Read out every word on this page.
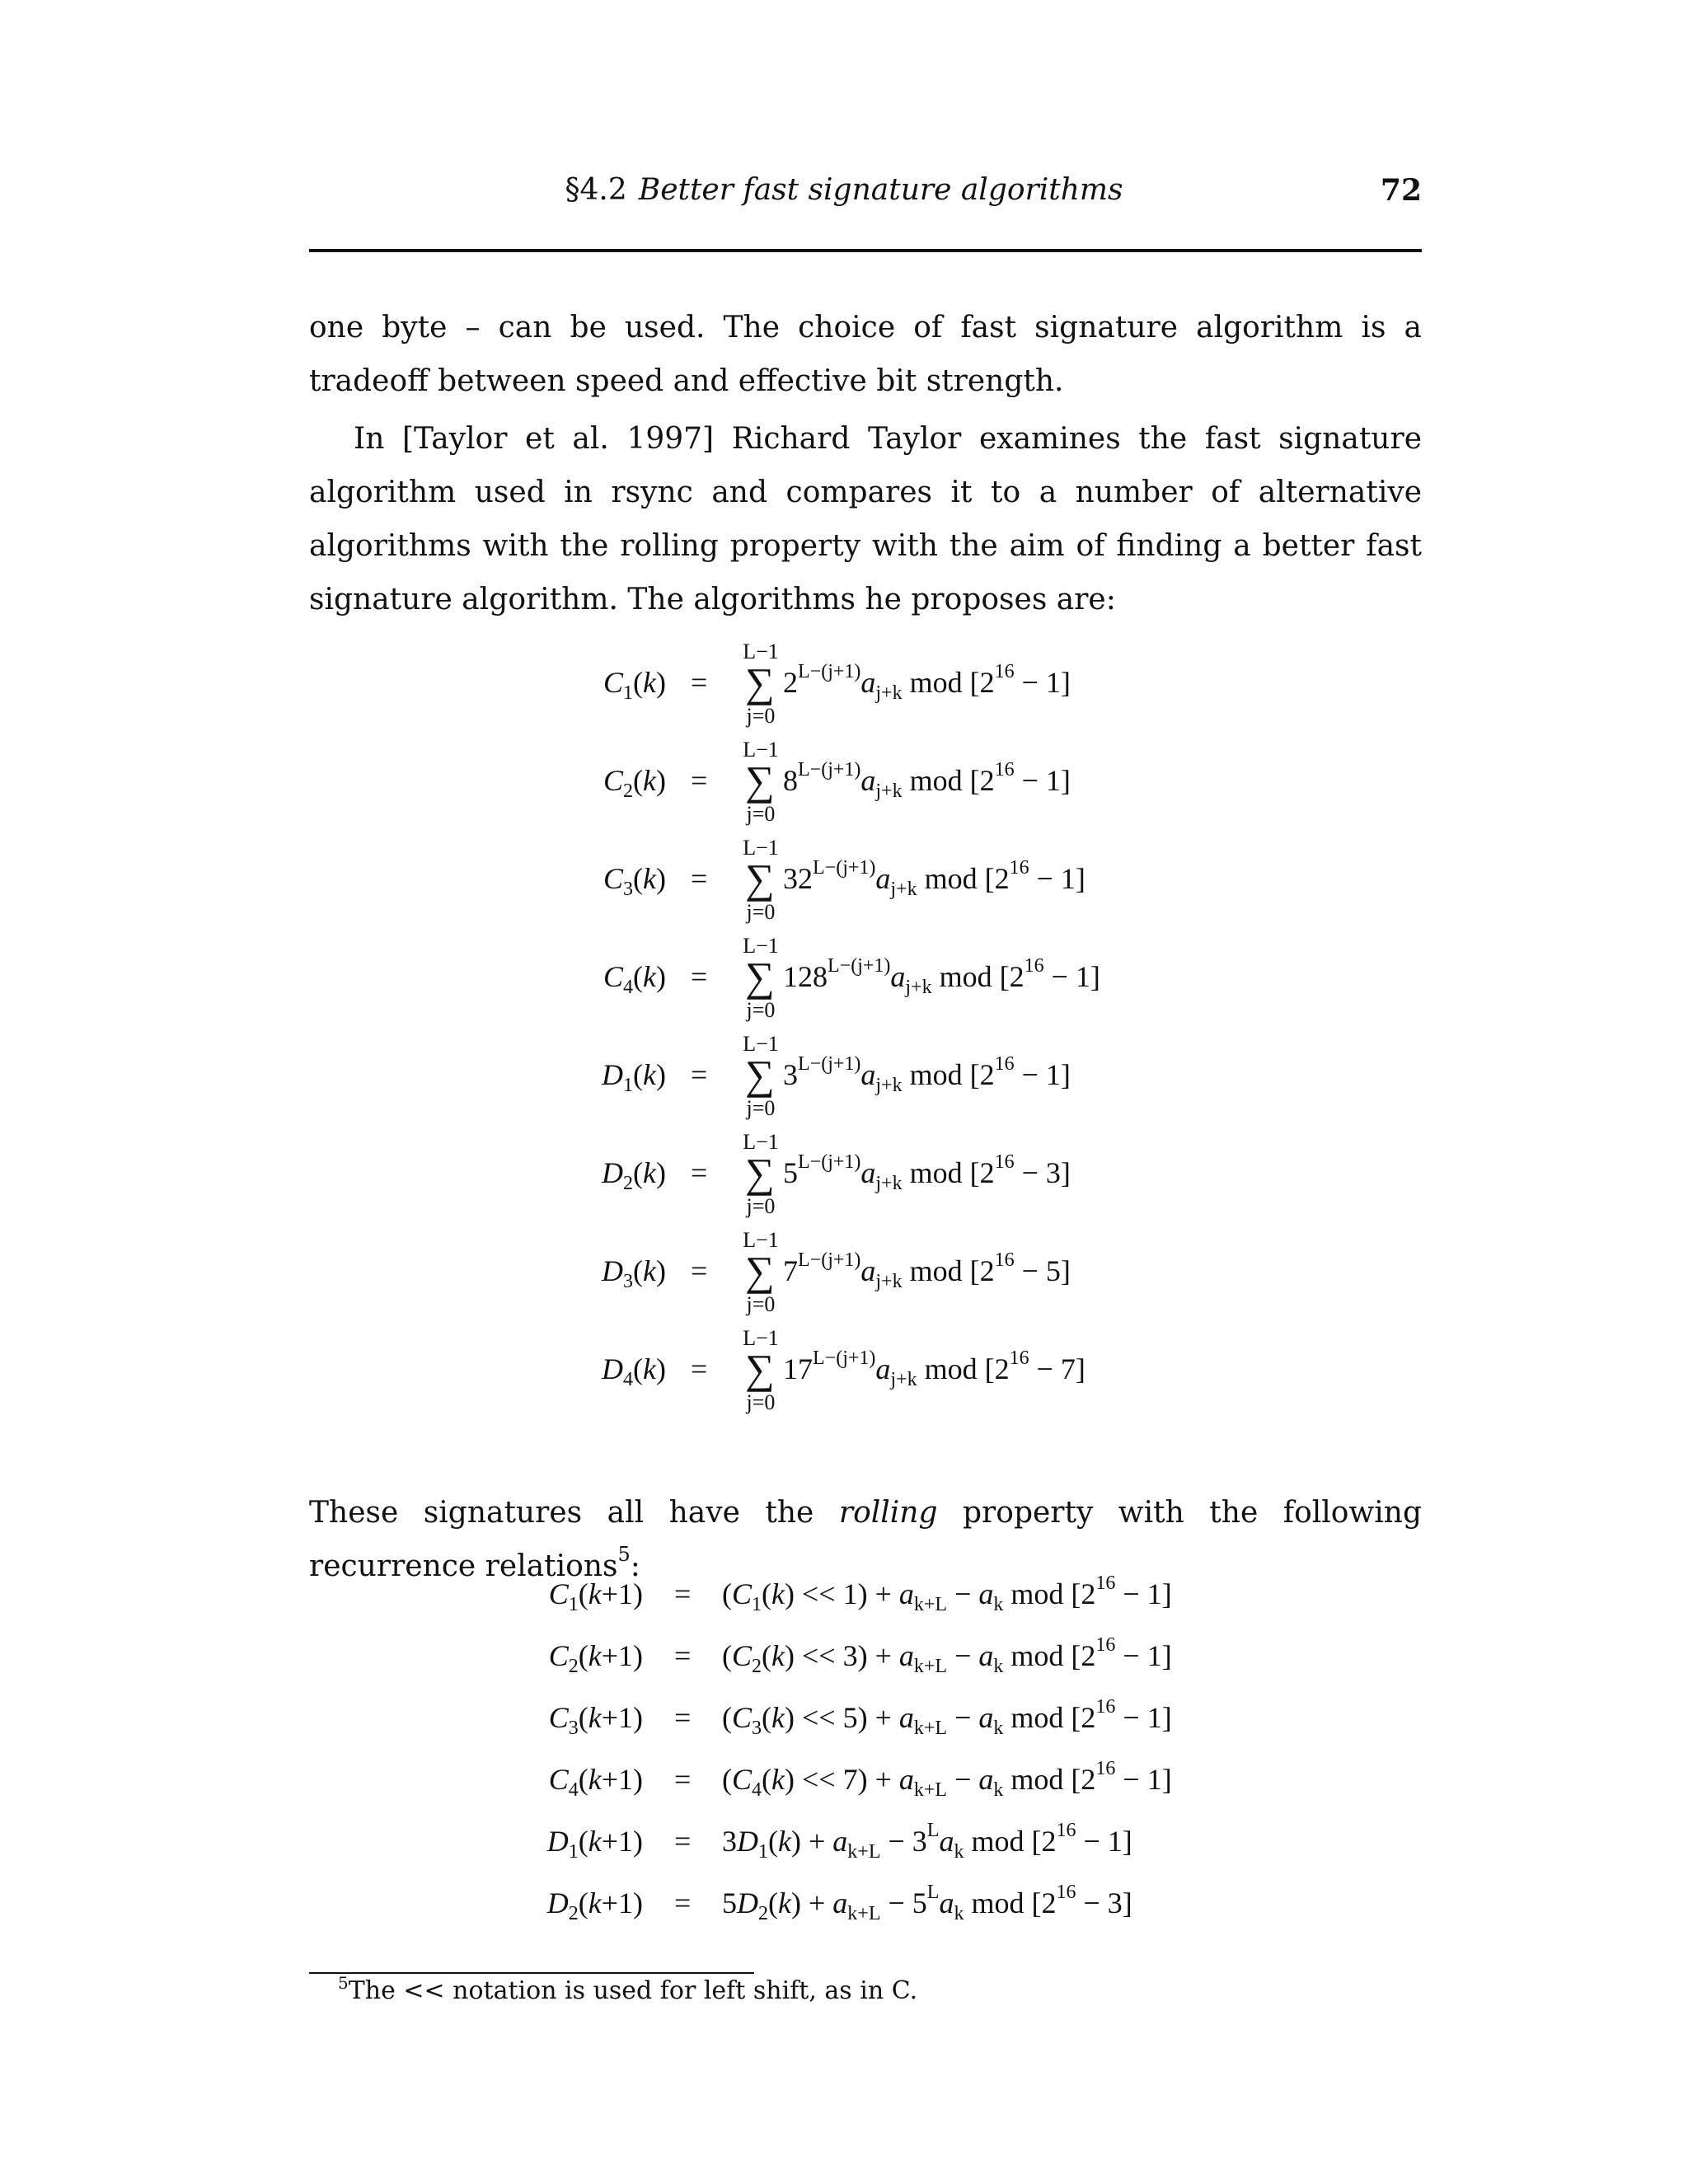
§4.2 Better fast signature algorithms	72
one byte – can be used. The choice of fast signature algorithm is a tradeoff between speed and effective bit strength.
In [Taylor et al. 1997] Richard Taylor examines the fast signature algorithm used in rsync and compares it to a number of alternative algorithms with the rolling property with the aim of finding a better fast signature algorithm. The algorithms he proposes are:
$C_1(k)$ =
L−1
∑
j=0
$2^{L-(j+1)}a_{j+k}$ mod $[2^{16} - 1]$
$C_2(k)$ =
L−1
∑
j=0
$8^{L-(j+1)}a_{j+k}$ mod $[2^{16} - 1]$
$C_3(k)$ =
L−1
∑
j=0
$32^{L-(j+1)}a_{j+k}$ mod $[2^{16} - 1]$
$C_4(k)$ =
L−1
∑
j=0
$128^{L-(j+1)}a_{j+k}$ mod $[2^{16} - 1]$
$D_1(k)$ =
L−1
∑
j=0
$3^{L-(j+1)}a_{j+k}$ mod $[2^{16} - 1]$
$D_2(k)$ =
L−1
∑
j=0
$5^{L-(j+1)}a_{j+k}$ mod $[2^{16} - 3]$
$D_3(k)$ =
L−1
∑
j=0
$7^{L-(j+1)}a_{j+k}$ mod $[2^{16} - 5]$
$D_4(k)$ =
L−1
∑
j=0
$17^{L-(j+1)}a_{j+k}$ mod $[2^{16} - 7]$
These signatures all have the rolling property with the following recurrence relations$^5$:
$C_1(k+1) = (C_1(k) << 1) + a_{k+L} - a_k$ mod $[2^{16} - 1]$
$C_2(k+1) = (C_2(k) << 3) + a_{k+L} - a_k$ mod $[2^{16} - 1]$
$C_3(k+1) = (C_3(k) << 5) + a_{k+L} - a_k$ mod $[2^{16} - 1]$
$C_4(k+1) = (C_4(k) << 7) + a_{k+L} - a_k$ mod $[2^{16} - 1]$
$D_1(k+1) = 3D_1(k) + a_{k+L} - 3^La_k$ mod $[2^{16} - 1]$
$D_2(k+1) = 5D_2(k) + a_{k+L} - 5^La_k$ mod $[2^{16} - 3]$
$^5$The << notation is used for left shift, as in C.
